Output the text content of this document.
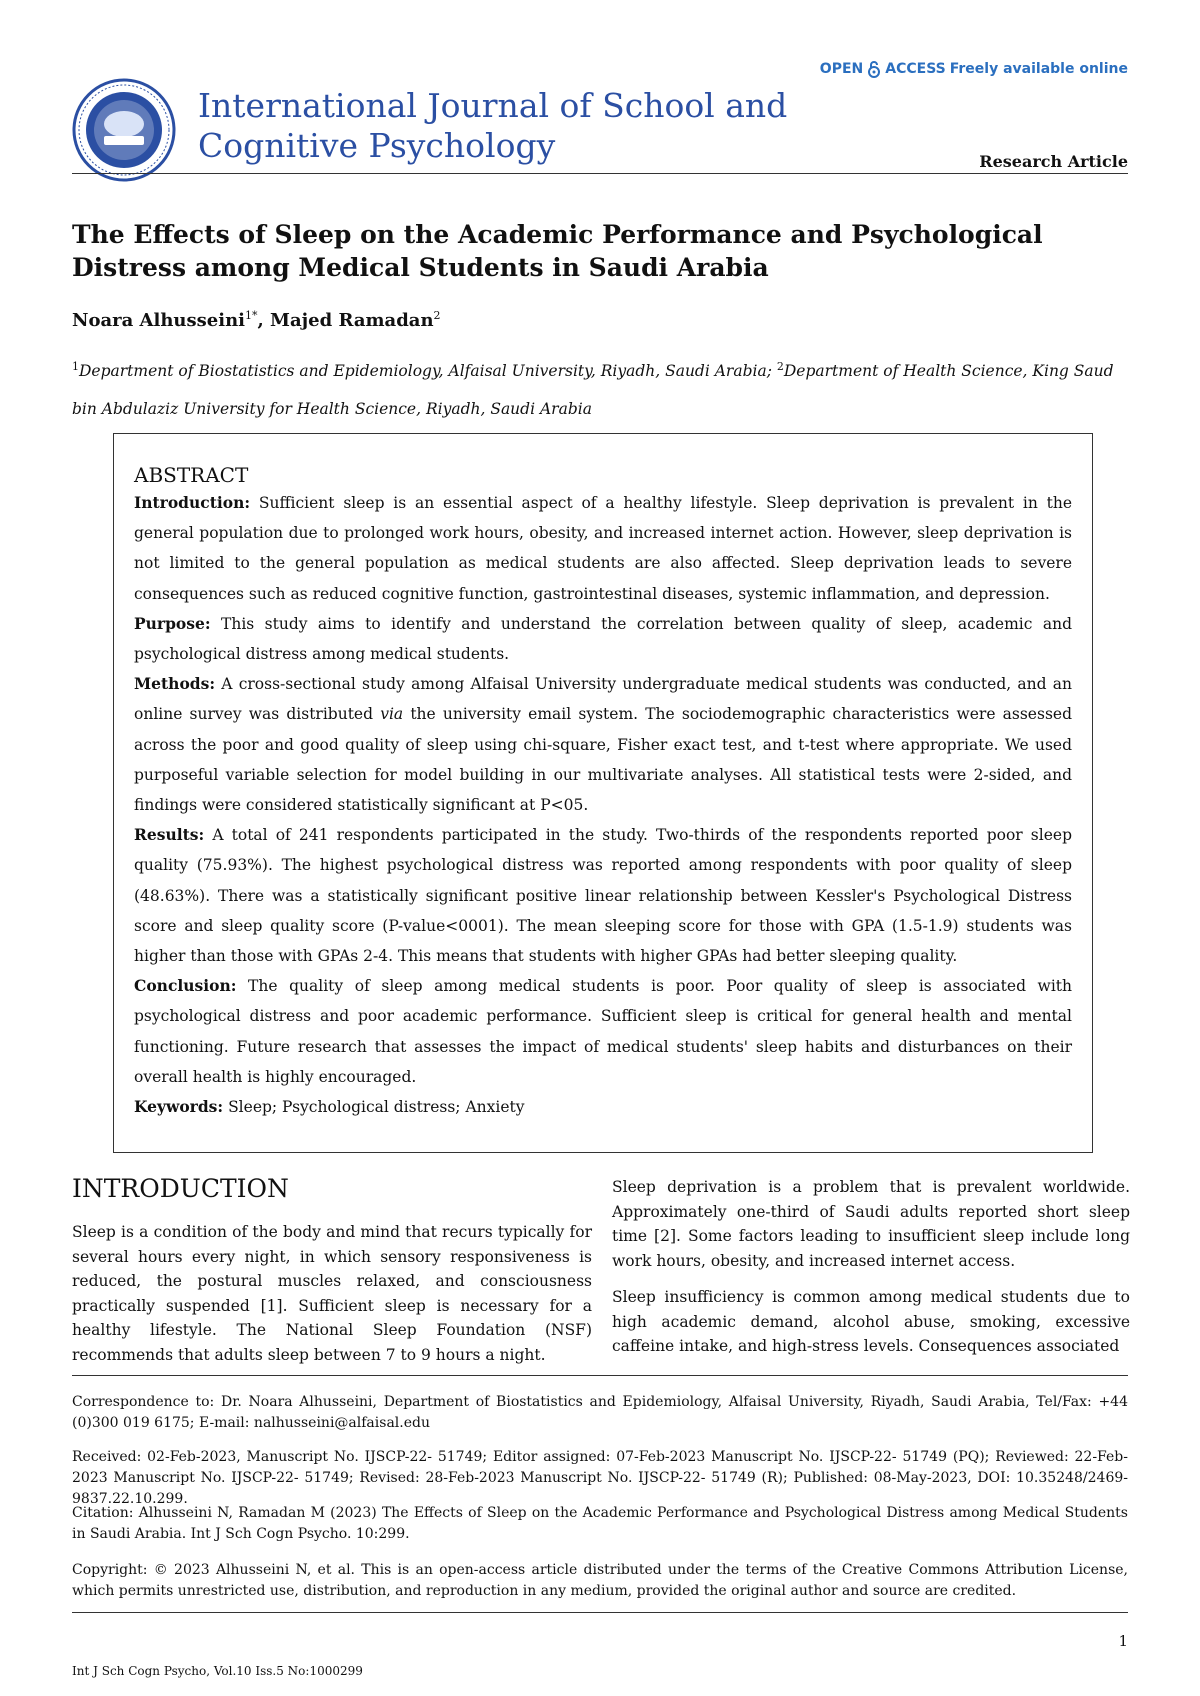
International Journal of School and
Cognitive Psychology
OPEN ACCESS Freely available online
Research Article
The Effects of Sleep on the Academic Performance and Psychological Distress among Medical Students in Saudi Arabia
Noara Alhusseini$^{1*}$, Majed Ramadan$^2$
$^1$Department of Biostatistics and Epidemiology, Alfaisal University, Riyadh, Saudi Arabia; $^2$Department of Health Science, King Saud bin Abdulaziz University for Health Science, Riyadh, Saudi Arabia
ABSTRACT

Introduction: Sufficient sleep is an essential aspect of a healthy lifestyle. Sleep deprivation is prevalent in the general population due to prolonged work hours, obesity, and increased internet action. However, sleep deprivation is not limited to the general population as medical students are also affected. Sleep deprivation leads to severe consequences such as reduced cognitive function, gastrointestinal diseases, systemic inflammation, and depression.

Purpose: This study aims to identify and understand the correlation between quality of sleep, academic and psychological distress among medical students.

Methods: A cross-sectional study among Alfaisal University undergraduate medical students was conducted, and an online survey was distributed via the university email system. The sociodemographic characteristics were assessed across the poor and good quality of sleep using chi-square, Fisher exact test, and t-test where appropriate. We used purposeful variable selection for model building in our multivariate analyses. All statistical tests were 2-sided, and findings were considered statistically significant at P<05.

Results: A total of 241 respondents participated in the study. Two-thirds of the respondents reported poor sleep quality (75.93%). The highest psychological distress was reported among respondents with poor quality of sleep (48.63%). There was a statistically significant positive linear relationship between Kessler's Psychological Distress score and sleep quality score (P-value<0001). The mean sleeping score for those with GPA (1.5-1.9) students was higher than those with GPAs 2-4. This means that students with higher GPAs had better sleeping quality.

Conclusion: The quality of sleep among medical students is poor. Poor quality of sleep is associated with psychological distress and poor academic performance. Sufficient sleep is critical for general health and mental functioning. Future research that assesses the impact of medical students' sleep habits and disturbances on their overall health is highly encouraged.

Keywords: Sleep; Psychological distress; Anxiety

INTRODUCTION

Sleep is a condition of the body and mind that recurs typically for several hours every night, in which sensory responsiveness is reduced, the postural muscles relaxed, and consciousness practically suspended [1]. Sufficient sleep is necessary for a healthy lifestyle. The National Sleep Foundation (NSF) recommends that adults sleep between 7 to 9 hours a night.

Sleep deprivation is a problem that is prevalent worldwide. Approximately one-third of Saudi adults reported short sleep time [2]. Some factors leading to insufficient sleep include long work hours, obesity, and increased internet access.

Sleep insufficiency is common among medical students due to high academic demand, alcohol abuse, smoking, excessive caffeine intake, and high-stress levels. Consequences associated

Correspondence to: Dr. Noara Alhusseini, Department of Biostatistics and Epidemiology, Alfaisal University, Riyadh, Saudi Arabia, Tel/Fax: +44 (0)300 019 6175; E-mail: nalhusseini@alfaisal.edu
Received: 02-Feb-2023, Manuscript No. IJSCP-22- 51749; Editor assigned: 07-Feb-2023 Manuscript No. IJSCP-22- 51749 (PQ); Reviewed: 22-Feb-2023 Manuscript No. IJSCP-22- 51749; Revised: 28-Feb-2023 Manuscript No. IJSCP-22- 51749 (R); Published: 08-May-2023, DOI: 10.35248/2469-9837.22.10.299.
Citation: Alhusseini N, Ramadan M (2023) The Effects of Sleep on the Academic Performance and Psychological Distress among Medical Students in Saudi Arabia. Int J Sch Cogn Psycho. 10:299.
Copyright: © 2023 Alhusseini N, et al. This is an open-access article distributed under the terms of the Creative Commons Attribution License, which permits unrestricted use, distribution, and reproduction in any medium, provided the original author and source are credited.
1
Int J Sch Cogn Psycho, Vol.10 Iss.5 No:1000299
